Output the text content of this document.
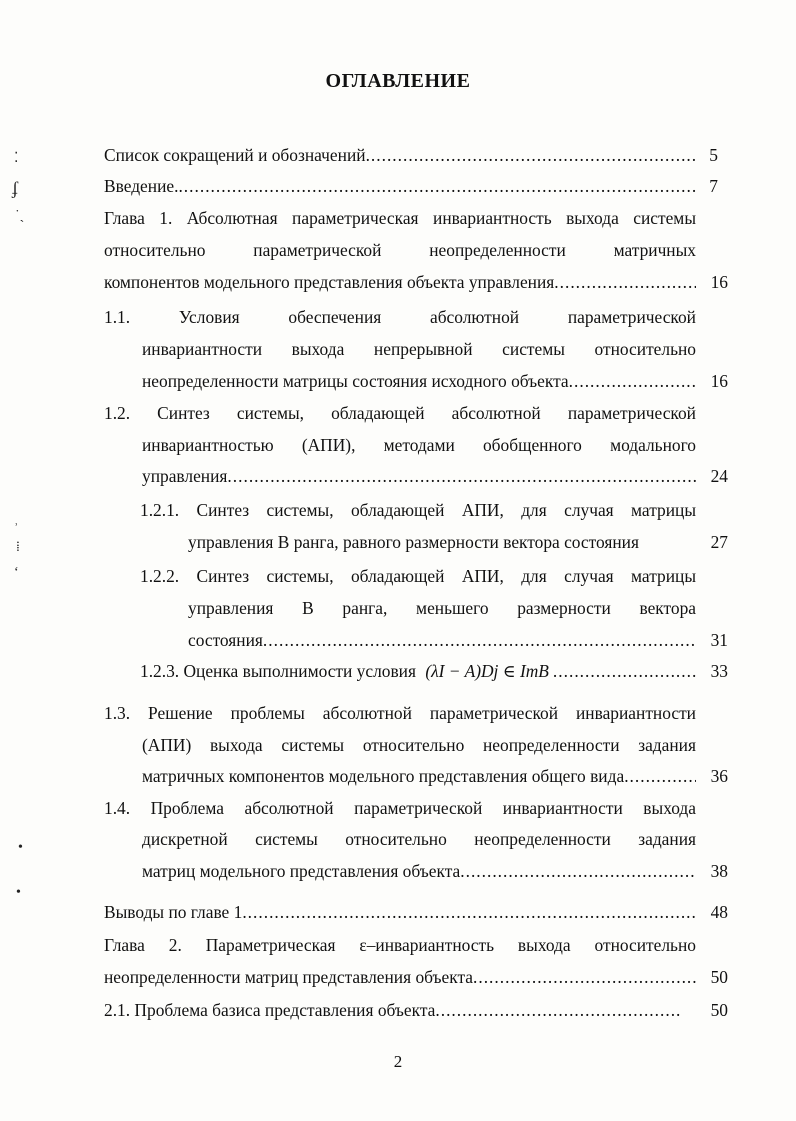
ОГЛАВЛЕНИЕ
⁚
ʄ
˙ˎ
˒
⁞
ʻ
•
•
Список сокращений и обозначений .....	5
Введение. .....	7
Глава 1. Абсолютная параметрическая инвариантность выхода системы
относительно параметрической неопределенности матричных
компонентов модельного представления объекта управления .....	16
1.1. Условия обеспечения абсолютной параметрической
инвариантности выхода непрерывной системы относительно
неопределенности матрицы состояния исходного объекта .....	16
1.2. Синтез системы, обладающей абсолютной параметрической
инвариантностью (АПИ), методами обобщенного модального
управления .....	24
1.2.1. Синтез системы, обладающей АПИ, для случая матрицы
управления B ранга, равного размерности вектора состояния	27
1.2.2. Синтез системы, обладающей АПИ, для случая матрицы
управления B ранга, меньшего размерности вектора
состояния .....	31
1.2.3. Оценка выполнимости условия (λI − A)Dj ∈ ImB .....	33
1.3. Решение проблемы абсолютной параметрической инвариантности
(АПИ) выхода системы относительно неопределенности задания
матричных компонентов модельного представления общего вида .....	36
1.4. Проблема абсолютной параметрической инвариантности выхода
дискретной системы относительно неопределенности задания
матриц модельного представления объекта .....	38
Выводы по главе 1 .....	48
Глава 2. Параметрическая ε–инвариантность выхода относительно
неопределенности матриц представления объекта .....	50
2.1. Проблема базиса представления объекта .....	50
2
